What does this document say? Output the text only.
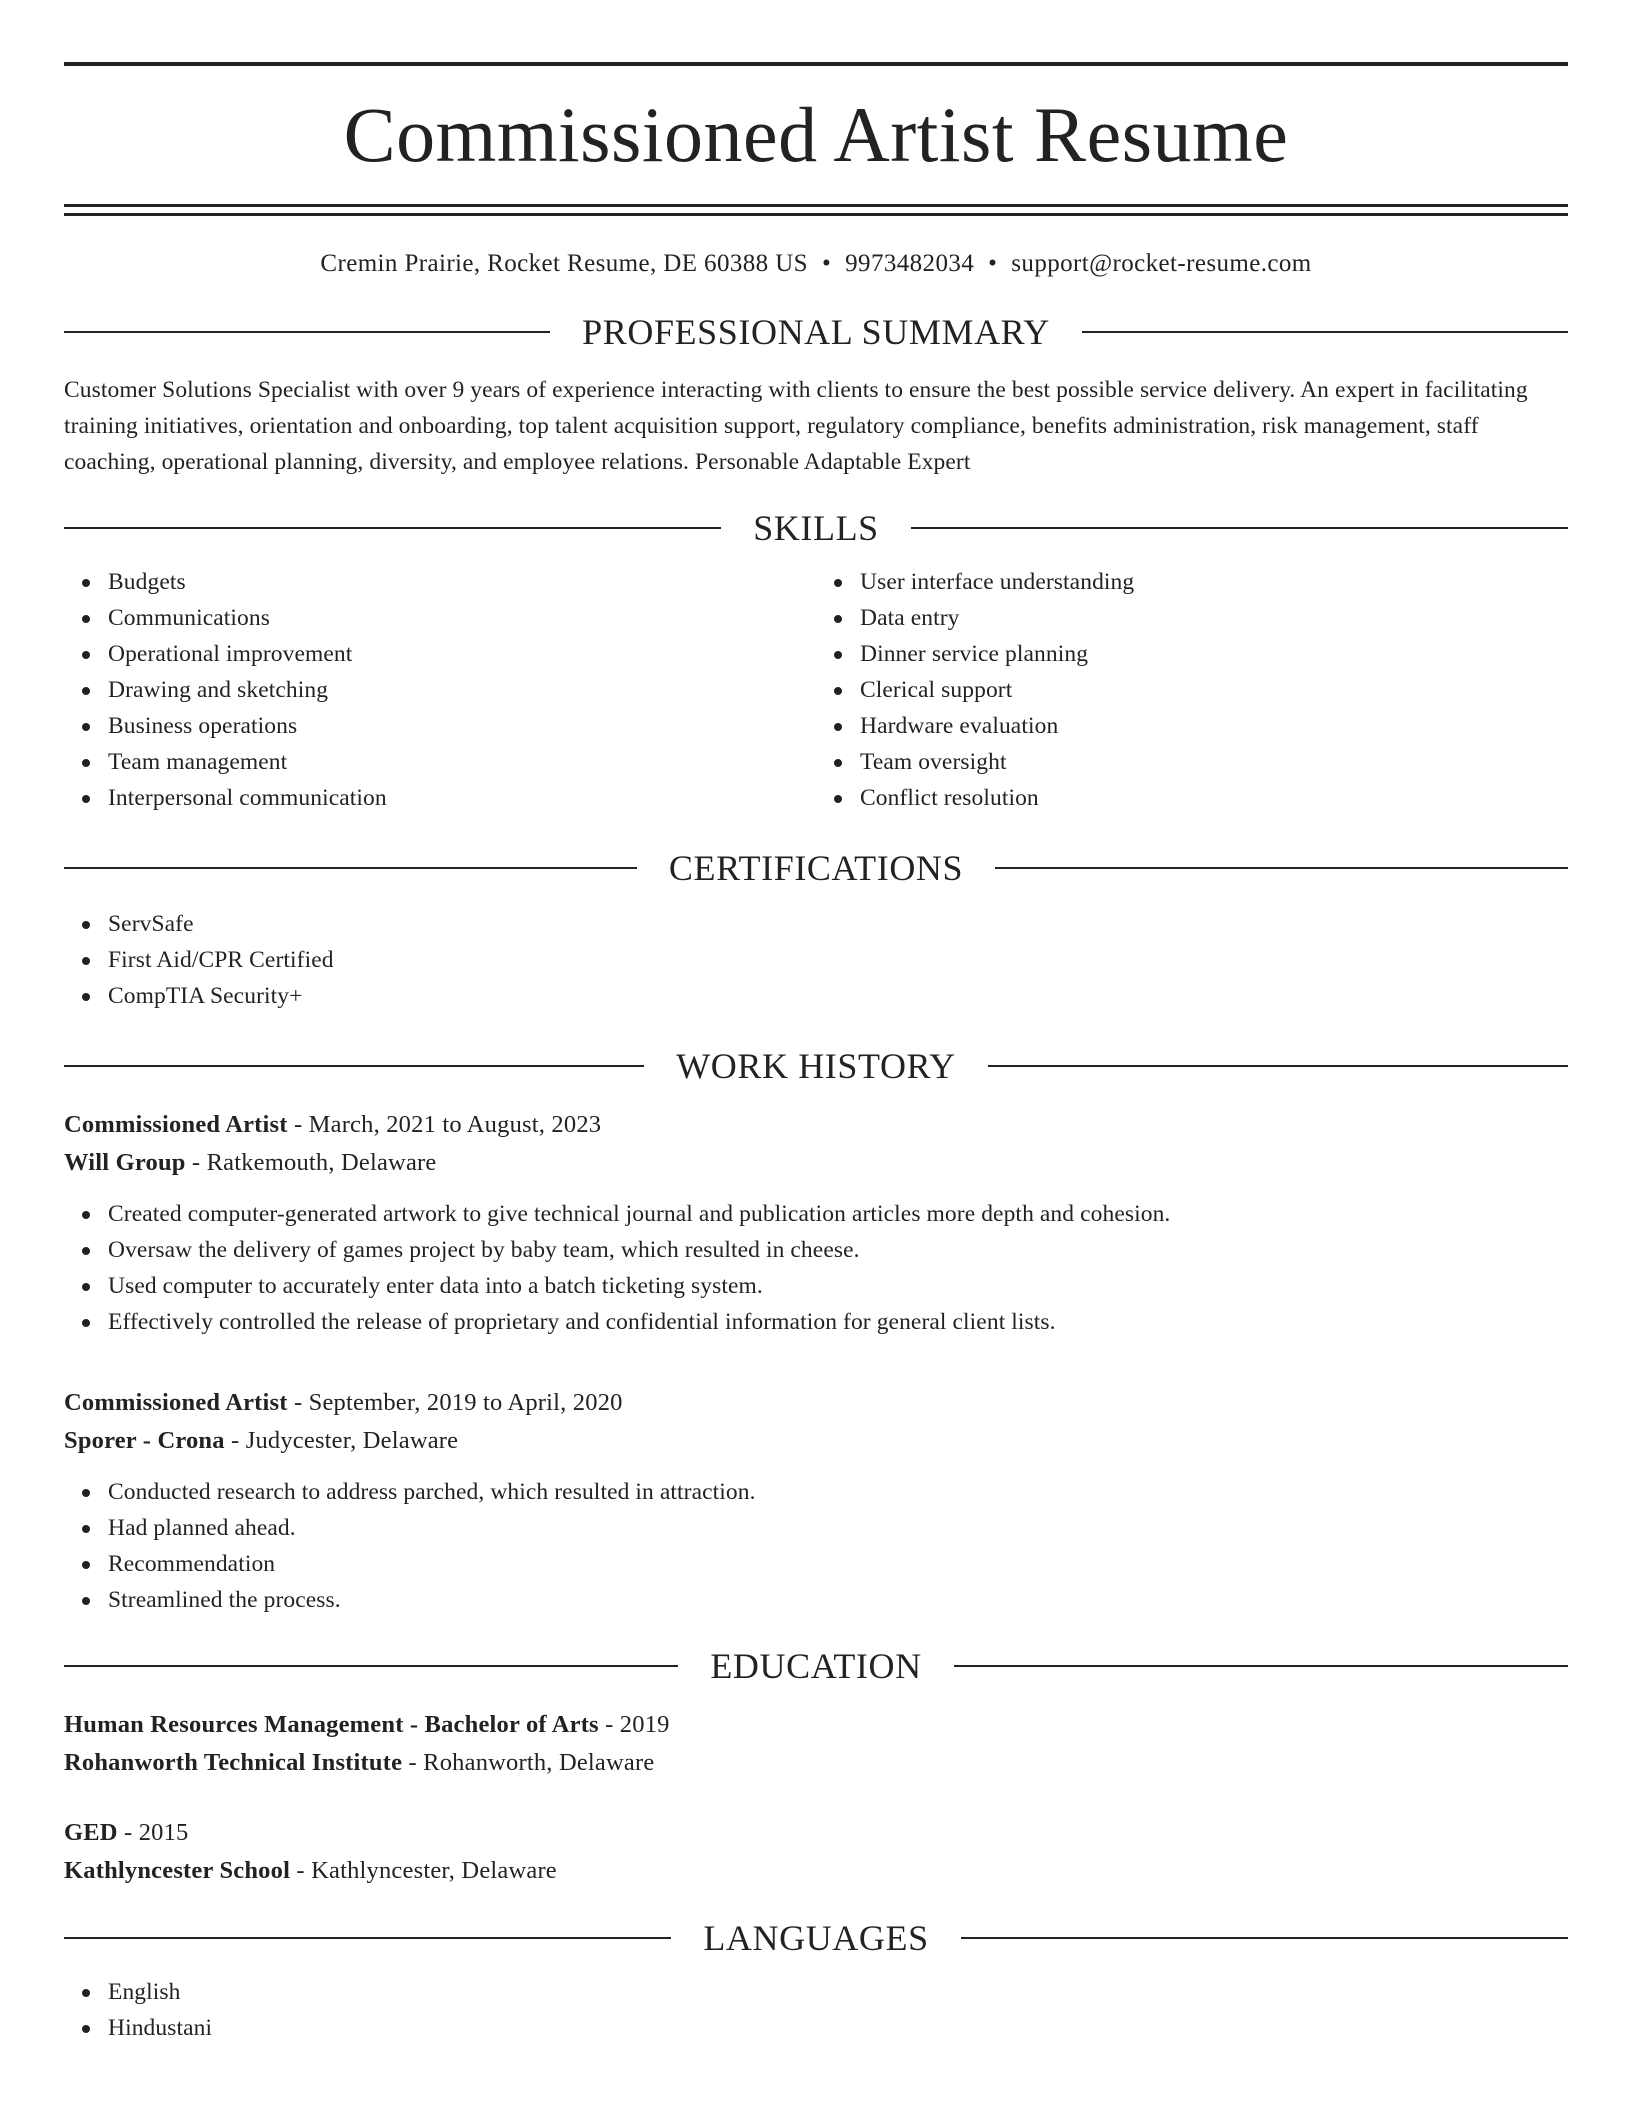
Commissioned Artist Resume
Cremin Prairie, Rocket Resume, DE 60388 US • 9973482034 • support@rocket-resume.com
PROFESSIONAL SUMMARY
Customer Solutions Specialist with over 9 years of experience interacting with clients to ensure the best possible service delivery. An expert in facilitating training initiatives, orientation and onboarding, top talent acquisition support, regulatory compliance, benefits administration, risk management, staff coaching, operational planning, diversity, and employee relations. Personable Adaptable Expert
SKILLS
Budgets
Communications
Operational improvement
Drawing and sketching
Business operations
Team management
Interpersonal communication
User interface understanding
Data entry
Dinner service planning
Clerical support
Hardware evaluation
Team oversight
Conflict resolution
CERTIFICATIONS
ServSafe
First Aid/CPR Certified
CompTIA Security+
WORK HISTORY
Commissioned Artist - March, 2021 to August, 2023
Will Group - Ratkemouth, Delaware
Created computer-generated artwork to give technical journal and publication articles more depth and cohesion.
Oversaw the delivery of games project by baby team, which resulted in cheese.
Used computer to accurately enter data into a batch ticketing system.
Effectively controlled the release of proprietary and confidential information for general client lists.
Commissioned Artist - September, 2019 to April, 2020
Sporer - Crona - Judycester, Delaware
Conducted research to address parched, which resulted in attraction.
Had planned ahead.
Recommendation
Streamlined the process.
EDUCATION
Human Resources Management - Bachelor of Arts - 2019
Rohanworth Technical Institute - Rohanworth, Delaware
GED - 2015
Kathlyncester School - Kathlyncester, Delaware
LANGUAGES
English
Hindustani
